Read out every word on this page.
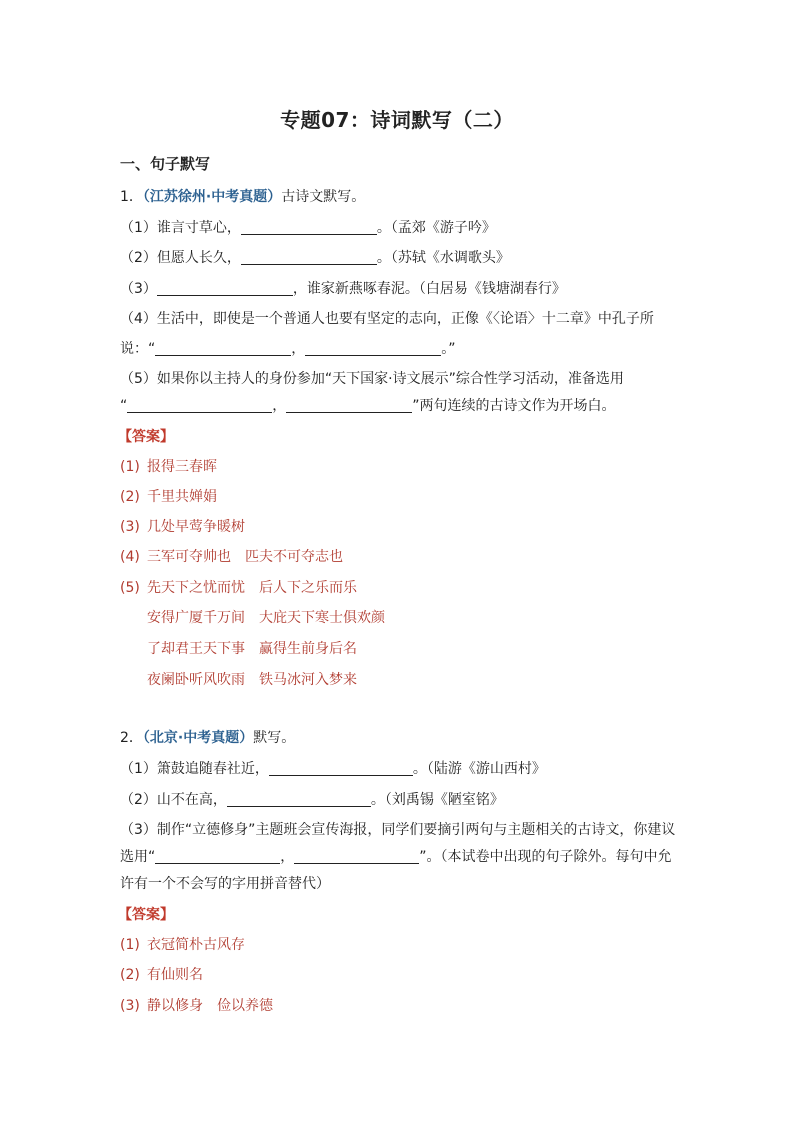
专题07：诗词默写（二）
一、句子默写
1．（江苏徐州·中考真题）古诗文默写。
（1）谁言寸草心，	。（孟郊《游子吟》
（2）但愿人长久，	。（苏轼《水调歌头》
（3）	，谁家新燕啄春泥。（白居易《钱塘湖春行》
（4）生活中，即使是一个普通人也要有坚定的志向，正像《〈论语〉十二章》中孔子所
说：“	，	。”
（5）如果你以主持人的身份参加“天下国家·诗文展示”综合性学习活动，准备选用
“	，	”两句连续的古诗文作为开场白。
【答案】
(1) 报得三春晖
(2) 千里共婵娟
(3) 几处早莺争暖树
(4) 三军可夺帅也 匹夫不可夺志也
(5) 先天下之忧而忧 后人下之乐而乐
安得广厦千万间 大庇天下寒士俱欢颜
了却君王天下事 赢得生前身后名
夜阑卧听风吹雨 铁马冰河入梦来
2．（北京·中考真题）默写。
（1）箫鼓追随春社近，	。（陆游《游山西村》
（2）山不在高，	。（刘禹锡《陋室铭》
（3）制作“立德修身”主题班会宣传海报，同学们要摘引两句与主题相关的古诗文，你建议
选用“	，	”。（本试卷中出现的句子除外。每句中允
许有一个不会写的字用拼音替代）
【答案】
(1) 衣冠简朴古风存
(2) 有仙则名
(3) 静以修身 俭以养德
